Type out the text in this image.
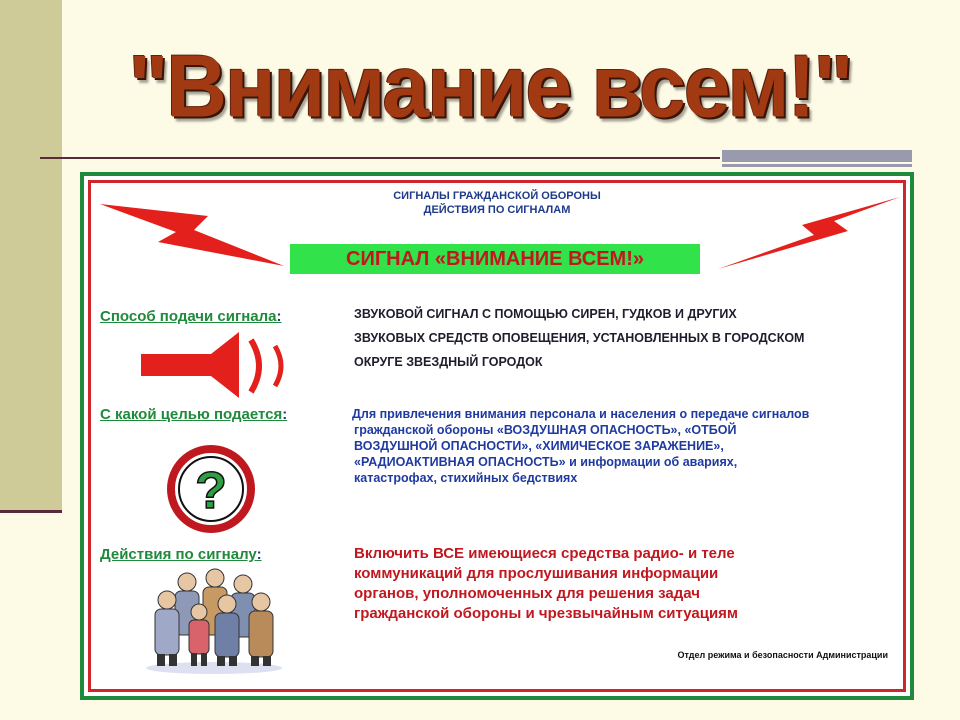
"Внимание всем!"
СИГНАЛЫ ГРАЖДАНСКОЙ ОБОРОНЫ
ДЕЙСТВИЯ ПО СИГНАЛАМ
СИГНАЛ «ВНИМАНИЕ ВСЕМ!»
Способ подачи сигнала:	ЗВУКОВОЙ СИГНАЛ С ПОМОЩЬЮ СИРЕН, ГУДКОВ И ДРУГИХ
ЗВУКОВЫХ СРЕДСТВ ОПОВЕЩЕНИЯ, УСТАНОВЛЕННЫХ В ГОРОДСКОМ
ОКРУГЕ ЗВЕЗДНЫЙ ГОРОДОК
С какой целью подается:	Для привлечения внимания персонала и населения о передаче сигналов
гражданской обороны «ВОЗДУШНАЯ ОПАСНОСТЬ», «ОТБОЙ
ВОЗДУШНОЙ ОПАСНОСТИ», «ХИМИЧЕСКОЕ ЗАРАЖЕНИЕ»,
«РАДИОАКТИВНАЯ ОПАСНОСТЬ» и информации об авариях,
катастрофах, стихийных бедствиях
?
Действия по сигналу:	Включить ВСЕ имеющиеся средства радио- и теле
коммуникаций для прослушивания информации
органов, уполномоченных для решения задач
гражданской обороны и чрезвычайным ситуациям
Отдел режима и безопасности Администрации
